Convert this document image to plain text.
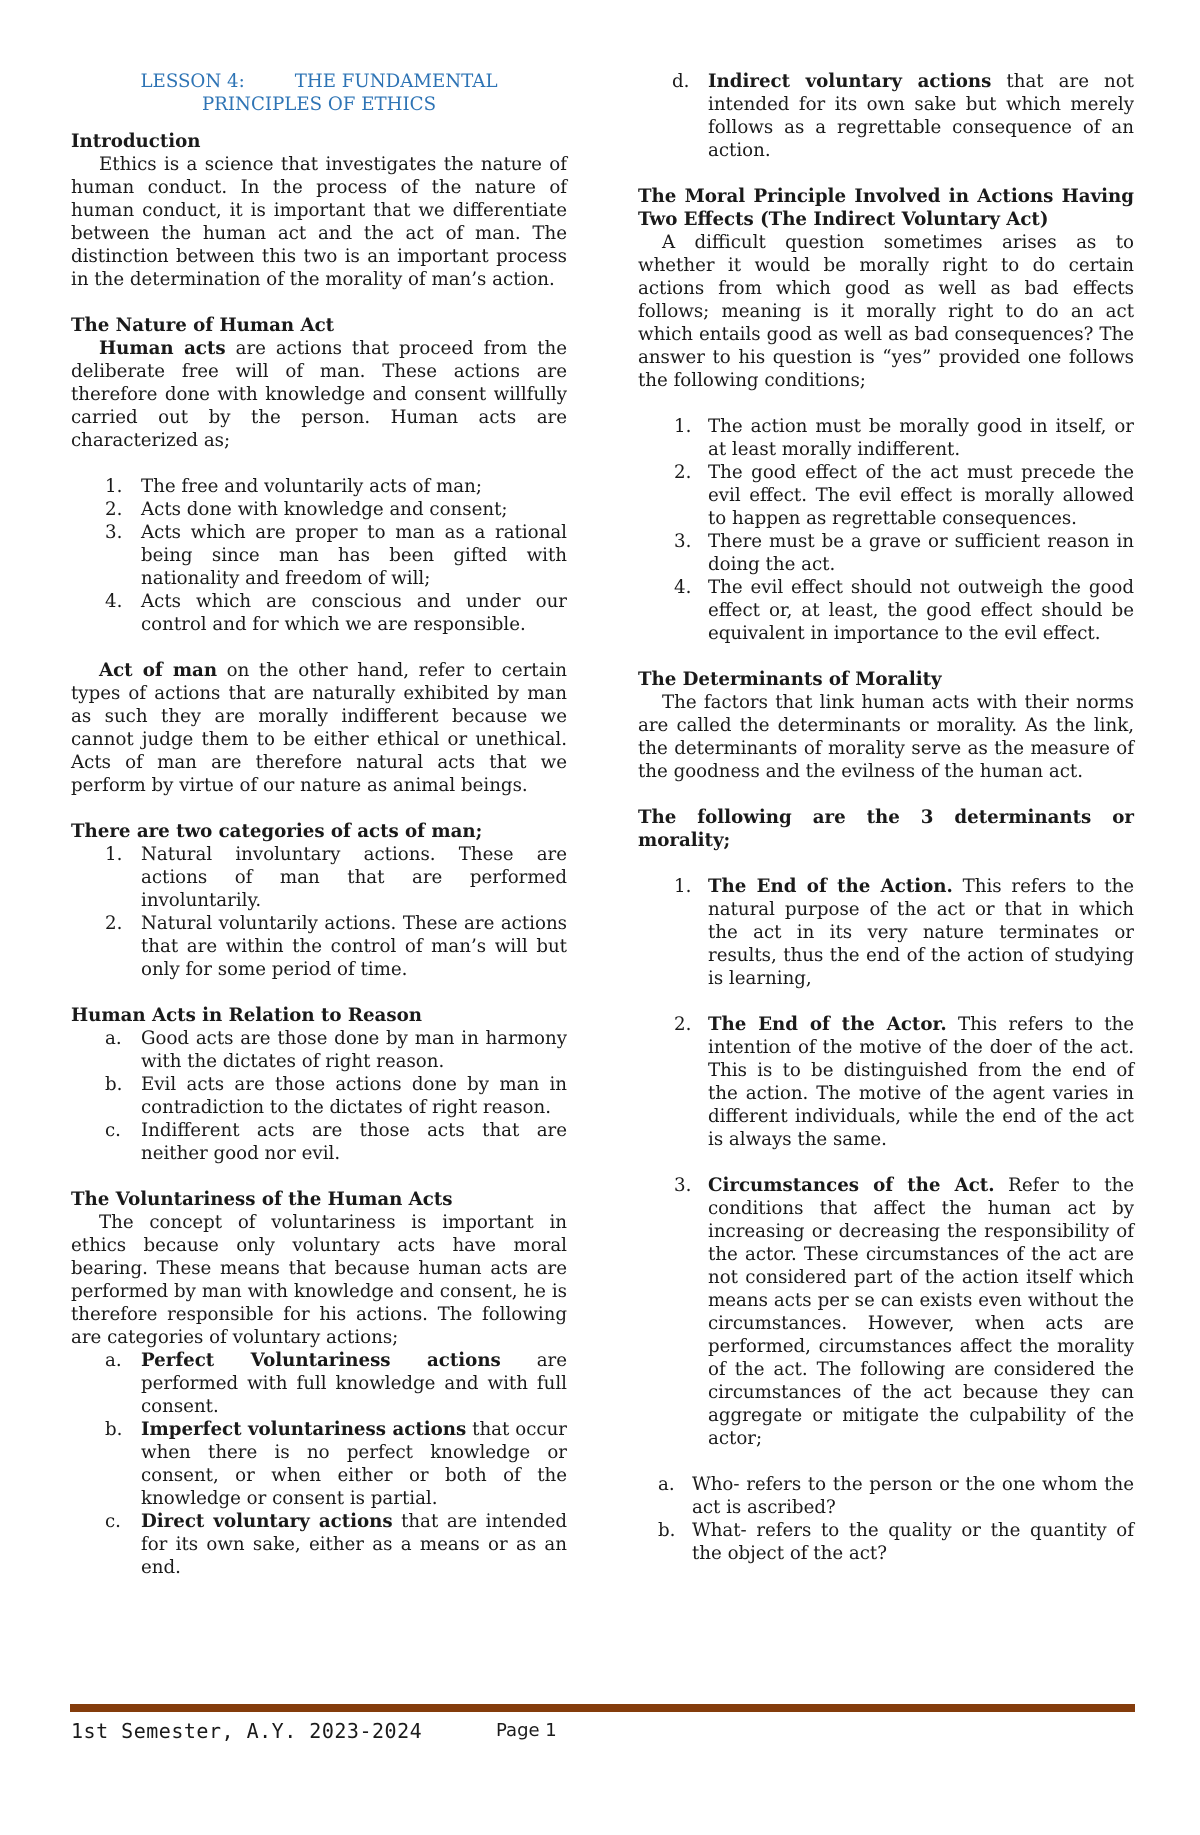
LESSON 4:	THE FUNDAMENTAL
PRINCIPLES OF ETHICS

Introduction

Ethics is a science that investigates the nature of human conduct. In the process of the nature of human conduct, it is important that we differentiate between the human act and the act of man. The distinction between this two is an important process in the determination of the morality of man’s action.

The Nature of Human Act

Human acts are actions that proceed from the deliberate free will of man. These actions are therefore done with knowledge and consent willfully carried out by the person. Human acts are characterized as;

1. The free and voluntarily acts of man;
2. Acts done with knowledge and consent;
3. Acts which are proper to man as a rational being since man has been gifted with nationality and freedom of will;
4. Acts which are conscious and under our control and for which we are responsible.

Act of man on the other hand, refer to certain types of actions that are naturally exhibited by man as such they are morally indifferent because we cannot judge them to be either ethical or unethical. Acts of man are therefore natural acts that we perform by virtue of our nature as animal beings.

There are two categories of acts of man;

1. Natural involuntary actions. These are actions of man that are performed involuntarily.
2. Natural voluntarily actions. These are actions that are within the control of man’s will but only for some period of time.

Human Acts in Relation to Reason

a. Good acts are those done by man in harmony with the dictates of right reason.
b. Evil acts are those actions done by man in contradiction to the dictates of right reason.
c. Indifferent acts are those acts that are neither good nor evil.

The Voluntariness of the Human Acts

The concept of voluntariness is important in ethics because only voluntary acts have moral bearing. These means that because human acts are performed by man with knowledge and consent, he is therefore responsible for his actions. The following are categories of voluntary actions;

a. Perfect Voluntariness actions are performed with full knowledge and with full consent.
b. Imperfect voluntariness actions that occur when there is no perfect knowledge or consent, or when either or both of the knowledge or consent is partial.
c. Direct voluntary actions that are intended for its own sake, either as a means or as an end.
d. Indirect voluntary actions that are not intended for its own sake but which merely follows as a regrettable consequence of an action.

The Moral Principle Involved in Actions Having Two Effects (The Indirect Voluntary Act)

A difficult question sometimes arises as to whether it would be morally right to do certain actions from which good as well as bad effects follows; meaning is it morally right to do an act which entails good as well as bad consequences? The answer to his question is “yes” provided one follows the following conditions;

1. The action must be morally good in itself, or at least morally indifferent.
2. The good effect of the act must precede the evil effect. The evil effect is morally allowed to happen as regrettable consequences.
3. There must be a grave or sufficient reason in doing the act.
4. The evil effect should not outweigh the good effect or, at least, the good effect should be equivalent in importance to the evil effect.

The Determinants of Morality

The factors that link human acts with their norms are called the determinants or morality. As the link, the determinants of morality serve as the measure of the goodness and the evilness of the human act.

The following are the 3 determinants or morality;

1. The End of the Action. This refers to the natural purpose of the act or that in which the act in its very nature terminates or results, thus the end of the action of studying is learning,
2. The End of the Actor. This refers to the intention of the motive of the doer of the act. This is to be distinguished from the end of the action. The motive of the agent varies in different individuals, while the end of the act is always the same.
3. Circumstances of the Act. Refer to the conditions that affect the human act by increasing or decreasing the responsibility of the actor. These circumstances of the act are not considered part of the action itself which means acts per se can exists even without the circumstances. However, when acts are performed, circumstances affect the morality of the act. The following are considered the circumstances of the act because they can aggregate or mitigate the culpability of the actor;
a. Who- refers to the person or the one whom the act is ascribed?
b. What- refers to the quality or the quantity of the object of the act?
1st Semester, A.Y. 2023-2024	Page 1
